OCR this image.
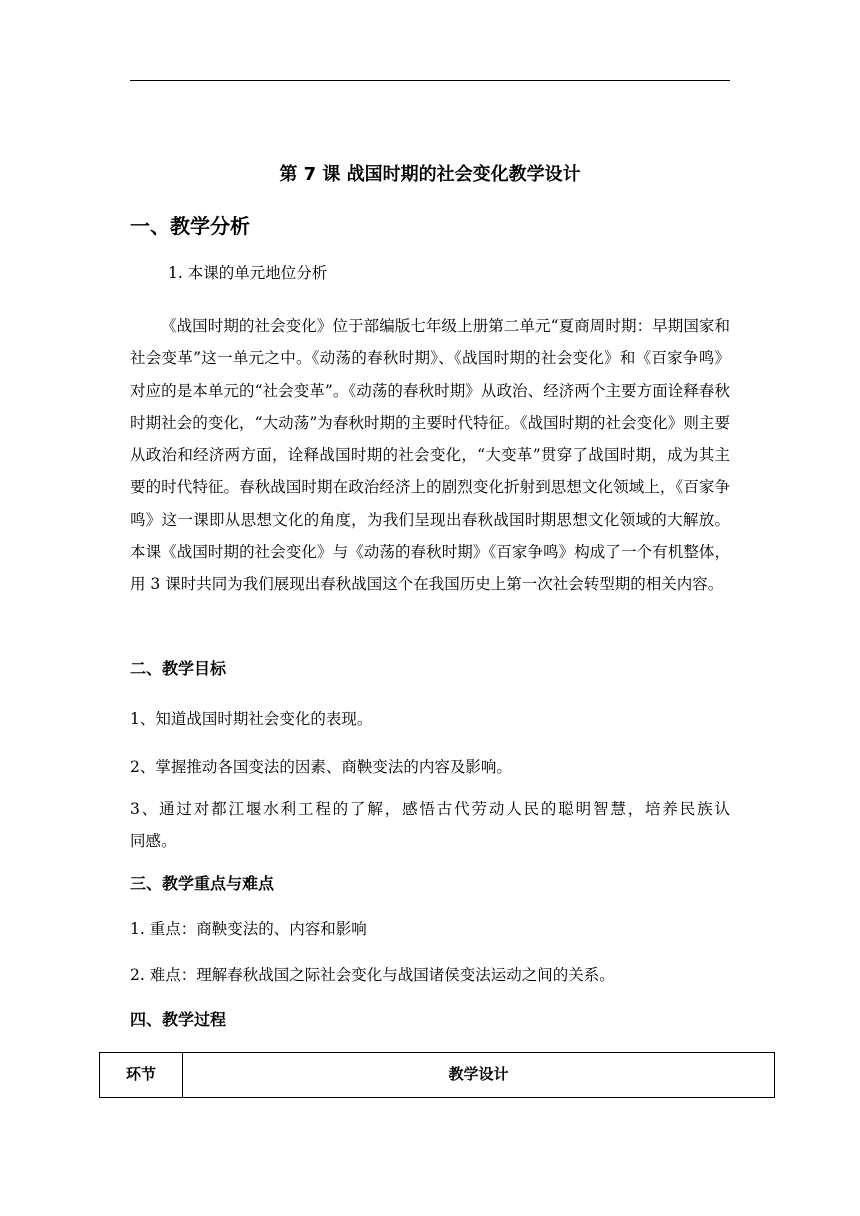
第 7 课 战国时期的社会变化教学设计
一、教学分析
1. 本课的单元地位分析
《战国时期的社会变化》位于部编版七年级上册第二单元“夏商周时期：早期国家和社会变革”这一单元之中。《动荡的春秋时期》、《战国时期的社会变化》和《百家争鸣》对应的是本单元的“社会变革”。《动荡的春秋时期》从政治、经济两个主要方面诠释春秋时期社会的变化，“大动荡”为春秋时期的主要时代特征。《战国时期的社会变化》则主要从政治和经济两方面，诠释战国时期的社会变化，“大变革”贯穿了战国时期，成为其主要的时代特征。春秋战国时期在政治经济上的剧烈变化折射到思想文化领域上，《百家争鸣》这一课即从思想文化的角度，为我们呈现出春秋战国时期思想文化领域的大解放。本课《战国时期的社会变化》与《动荡的春秋时期》《百家争鸣》构成了一个有机整体，用 3 课时共同为我们展现出春秋战国这个在我国历史上第一次社会转型期的相关内容。
二、教学目标
1、知道战国时期社会变化的表现。
2、掌握推动各国变法的因素、商鞅变法的内容及影响。
3、通过对都江堰水利工程的了解，感悟古代劳动人民的聪明智慧，培养民族认
同感。
三、教学重点与难点
1. 重点：商鞅变法的、内容和影响
2. 难点：理解春秋战国之际社会变化与战国诸侯变法运动之间的关系。
四、教学过程
环节	教学设计
